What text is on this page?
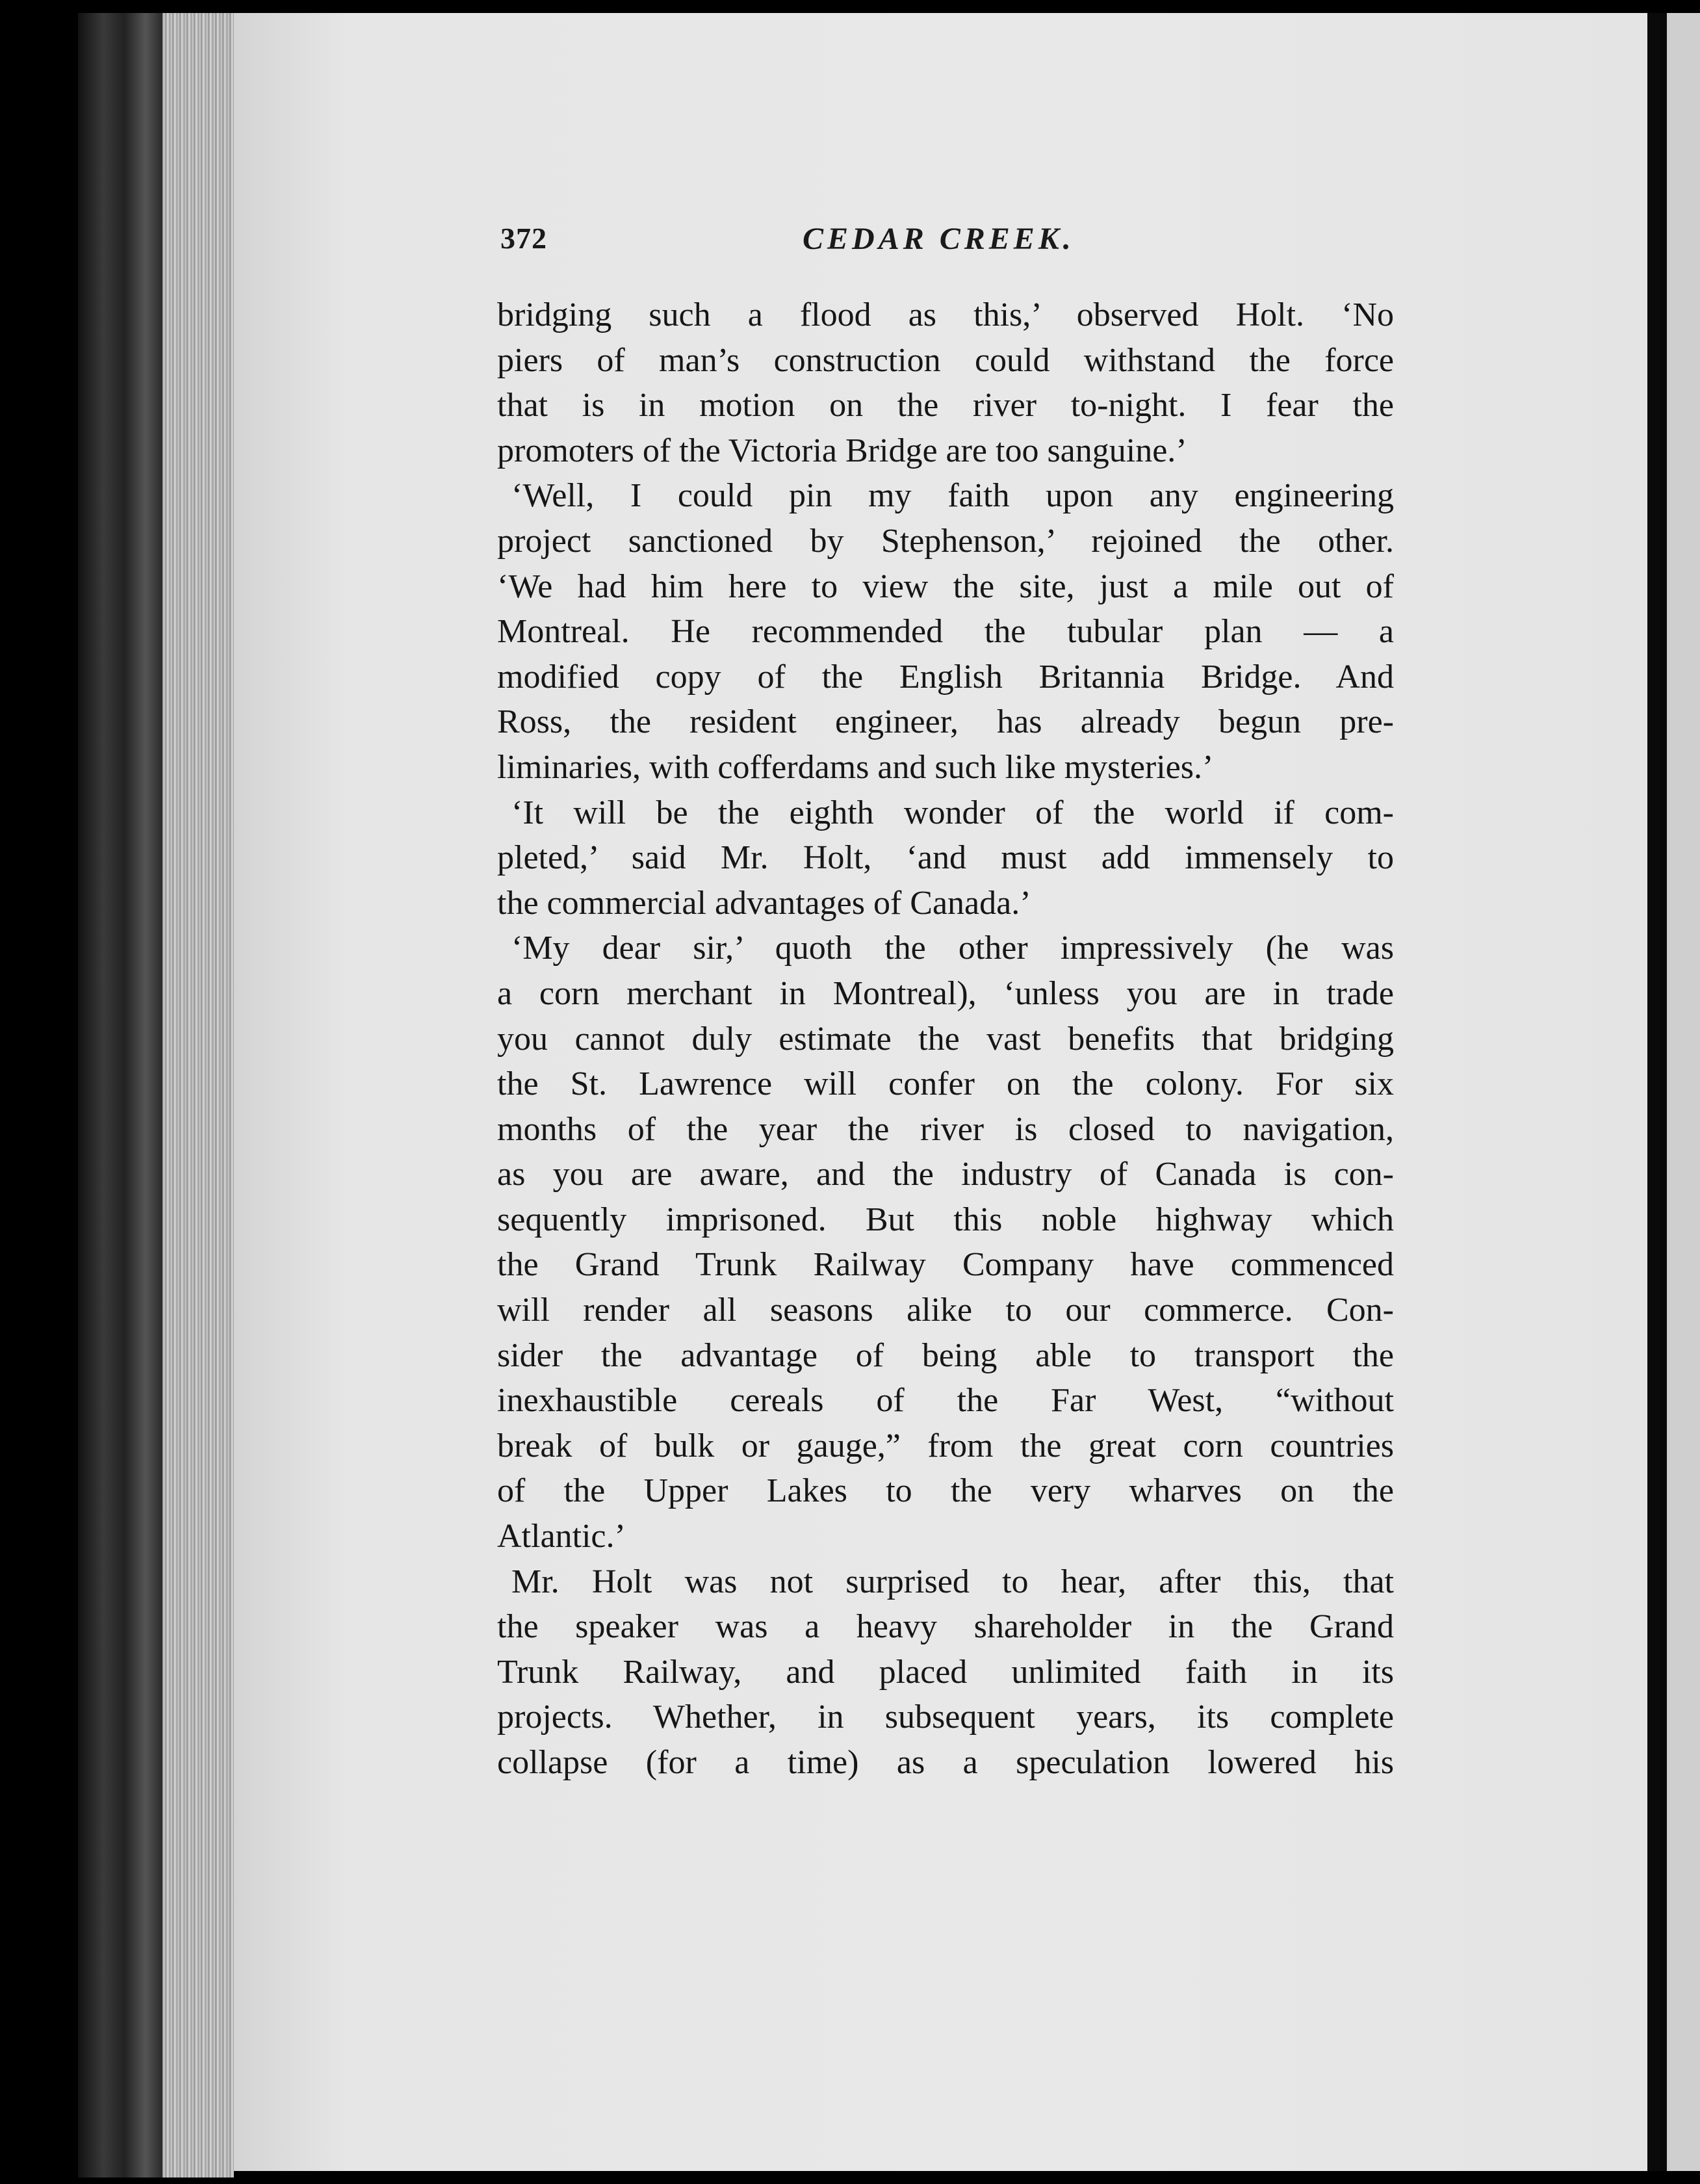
372	CEDAR CREEK.
bridging such a flood as this,’ observed Holt. ‘No
piers of man’s construction could withstand the force
that is in motion on the river to-night. I fear the
promoters of the Victoria Bridge are too sanguine.’
‘Well, I could pin my faith upon any engineering
project sanctioned by Stephenson,’ rejoined the other.
‘We had him here to view the site, just a mile out of
Montreal. He recommended the tubular plan — a
modified copy of the English Britannia Bridge. And
Ross, the resident engineer, has already begun pre-
liminaries, with cofferdams and such like mysteries.’
‘It will be the eighth wonder of the world if com-
pleted,’ said Mr. Holt, ‘and must add immensely to
the commercial advantages of Canada.’
‘My dear sir,’ quoth the other impressively (he was
a corn merchant in Montreal), ‘unless you are in trade
you cannot duly estimate the vast benefits that bridging
the St. Lawrence will confer on the colony. For six
months of the year the river is closed to navigation,
as you are aware, and the industry of Canada is con-
sequently imprisoned. But this noble highway which
the Grand Trunk Railway Company have commenced
will render all seasons alike to our commerce. Con-
sider the advantage of being able to transport the
inexhaustible cereals of the Far West, “without
break of bulk or gauge,” from the great corn countries
of the Upper Lakes to the very wharves on the
Atlantic.’
Mr. Holt was not surprised to hear, after this, that
the speaker was a heavy shareholder in the Grand
Trunk Railway, and placed unlimited faith in its
projects. Whether, in subsequent years, its complete
collapse (for a time) as a speculation lowered his
